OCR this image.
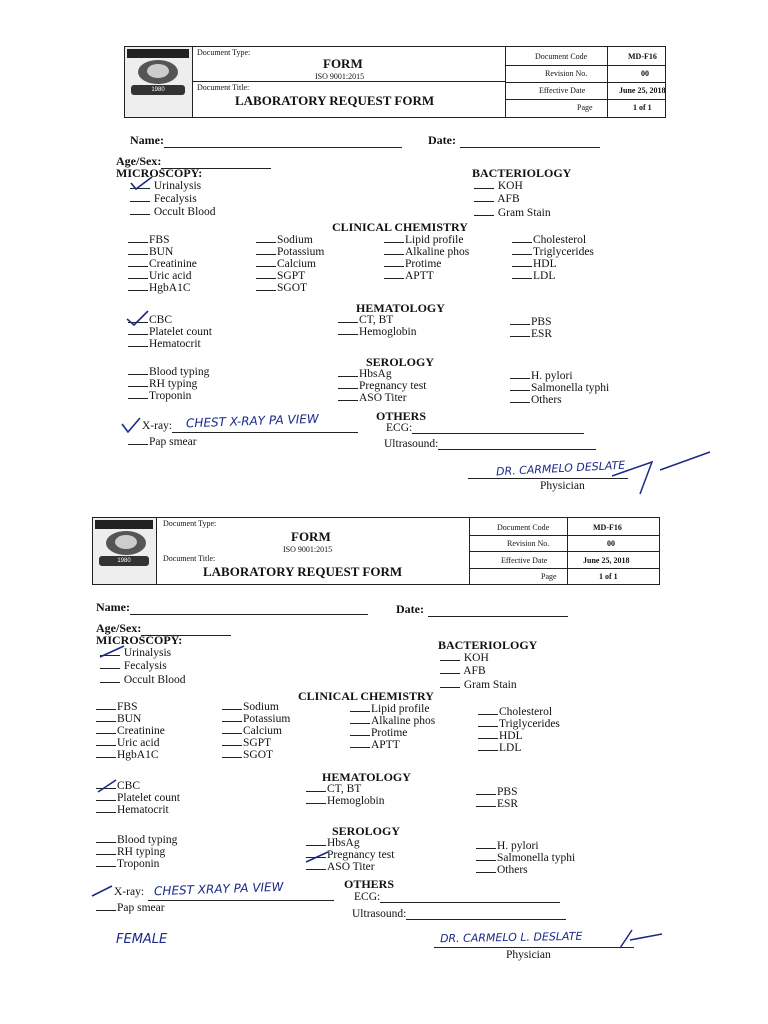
1980
Document Type:
FORM
ISO 9001:2015
Document Title:
LABORATORY REQUEST FORM
Document Code	MD-F16
Revision No.	00
Effective Date	June 25, 2018
Page	1 of 1
Name:	Date:
Age/Sex:
MICROSCOPY:
Urinalysis
Fecalysis
Occult Blood
BACTERIOLOGY
KOH
AFB
Gram Stain
CLINICAL CHEMISTRY
FBS
BUN
Creatinine
Uric acid
HgbA1C
Sodium
Potassium
Calcium
SGPT
SGOT
Lipid profile
Alkaline phos
Protime
APTT
Cholesterol
Triglycerides
HDL
LDL
HEMATOLOGY
CBC
Platelet count
Hematocrit
CT, BT
Hemoglobin
PBS
ESR
SEROLOGY
Blood typing
RH typing
Troponin
HbsAg
Pregnancy test
ASO Titer
H. pylori
Salmonella typhi
Others
OTHERS
X-ray: CHEST X-RAY PA VIEW
Pap smear
ECG:
Ultrasound:
DR. CARMELO DESLATE
Physician
1980
Document Type:
FORM
ISO 9001:2015
Document Title:
LABORATORY REQUEST FORM
Document Code	MD-F16
Revision No.	00
Effective Date	June 25, 2018
Page	1 of 1
Name:	Date:
Age/Sex:
MICROSCOPY:
Urinalysis
Fecalysis
Occult Blood
BACTERIOLOGY
KOH
AFB
Gram Stain
CLINICAL CHEMISTRY
FBS
BUN
Creatinine
Uric acid
HgbA1C
Sodium
Potassium
Calcium
SGPT
SGOT
Lipid profile
Alkaline phos
Protime
APTT
Cholesterol
Triglycerides
HDL
LDL
HEMATOLOGY
CBC
Platelet count
Hematocrit
CT, BT
Hemoglobin
PBS
ESR
SEROLOGY
Blood typing
RH typing
Troponin
HbsAg
Pregnancy test
ASO Titer
H. pylori
Salmonella typhi
Others
OTHERS
X-ray: CHEST XRAY PA VIEW
Pap smear
ECG:
Ultrasound:
FEMALE	DR. CARMELO L. DESLATE
Physician
